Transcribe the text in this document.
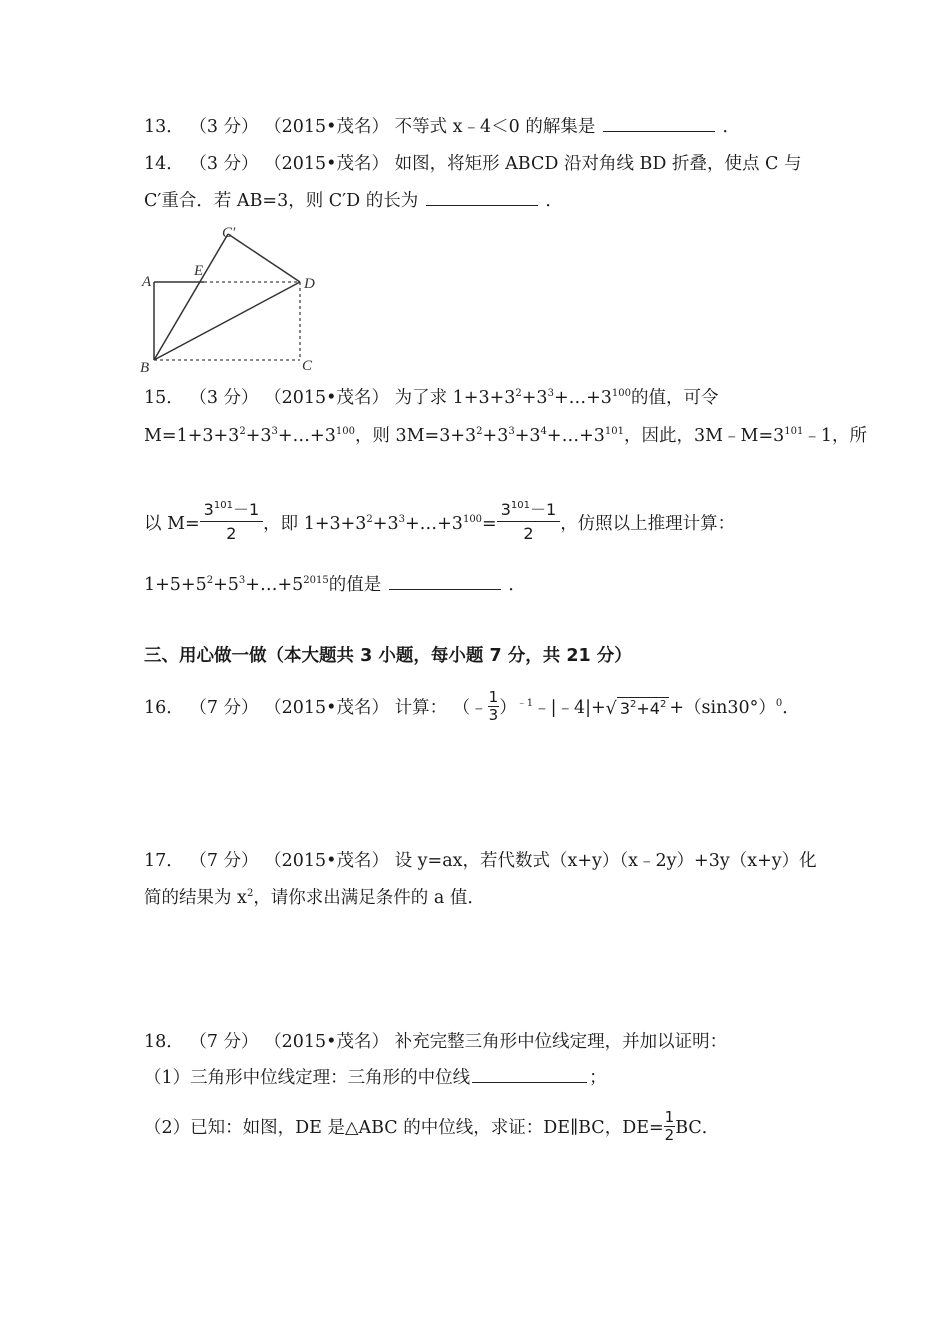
13． （3 分） （2015•茂名） 不等式 x﹣4＜0 的解集是	．
14． （3 分） （2015•茂名） 如图，将矩形 ABCD 沿对角线 BD 折叠，使点 C 与
C′重合．若 AB=3，则 C′D 的长为	．
A
B	C
D
E
C′
15． （3 分） （2015•茂名） 为了求 $1+3+3^2+3^3+\dots+3^{100}$的值，可令
$M=1+3+3^2+3^3+\dots+3^{100}$，则 $3M=3+3^2+3^3+3^4+\dots+3^{101}$，因此，$3M﹣M=3^{101}﹣1$，所
以 $M= \frac{3^{101}-1}{2}$ ，即 $1+3+3^2+3^3+\dots+3^{100}= \frac{3^{101}-1}{2}$ ，仿照以上推理计算：
$1+5+5^2+5^3+\dots+5^{2015}$的值是	．
三、用心做一做（本大题共 3 小题，每小题 7 分，共 21 分）
16． （7 分） （2015•茂名） 计算： （﹣ $\frac{1}{3}$ ）$^{﹣1}$﹣|﹣4|+√ $3^2+4^2 +(\sin 30^\circ)^0$．
17． （7 分） （2015•茂名） 设 y=ax，若代数式（x+y）（x﹣2y）+3y（x+y）化
简的结果为 $x^2$，请你求出满足条件的 a 值．
18． （7 分） （2015•茂名） 补充完整三角形中位线定理，并加以证明：
（1）三角形中位线定理：三角形的中位线	；
（2）已知：如图，DE 是△ABC 的中位线，求证：DE∥BC，$DE= \frac{1}{2}$ BC．
